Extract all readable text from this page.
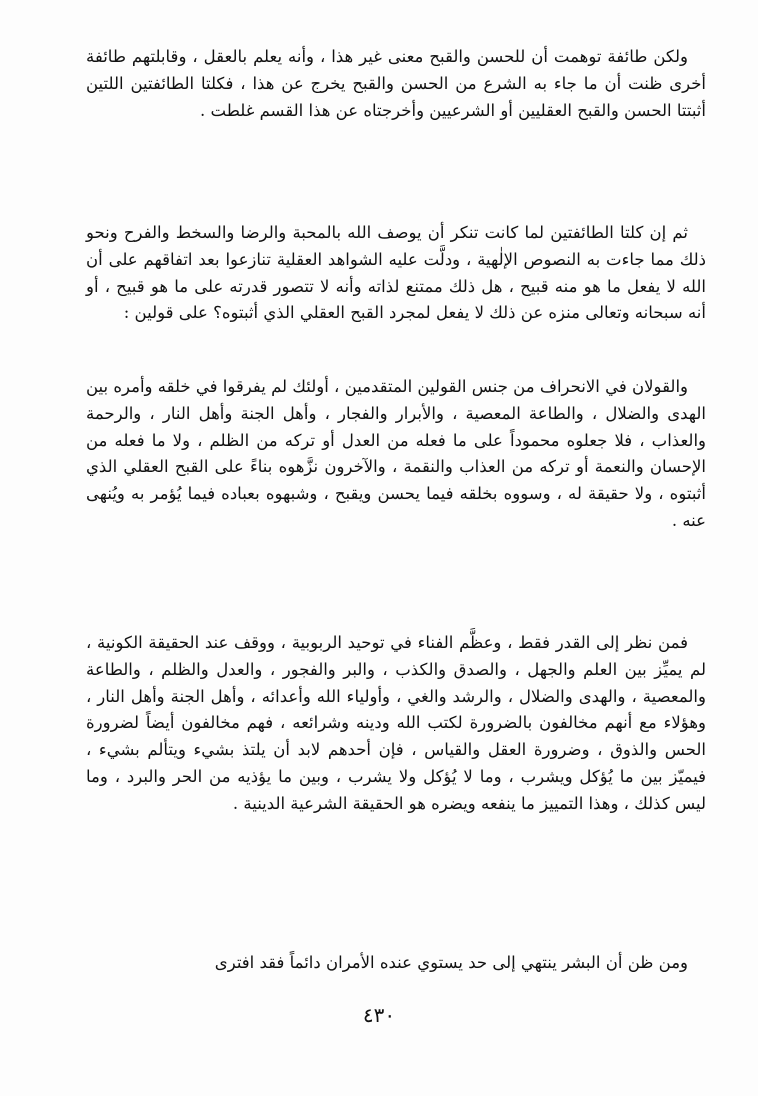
ولكن طائفة توهمت أن للحسن والقبح معنى غير هذا ، وأنه يعلم بالعقل ، وقابلتهم طائفة أخرى ظنت أن ما جاء به الشرع من الحسن والقبح يخرج عن هذا ، فكلتا الطائفتين اللتين أثبتتا الحسن والقبح العقليين أو الشرعيين وأخرجتاه عن هذا القسم غلطت .

ثم إن كلتا الطائفتين لما كانت تنكر أن يوصف الله بالمحبة والرضا والسخط والفرح ونحو ذلك مما جاءت به النصوص الإلٰهية ، ودلَّت عليه الشواهد العقلية تنازعوا بعد اتفاقهم على أن الله لا يفعل ما هو منه قبيح ، هل ذلك ممتنع لذاته وأنه لا تتصور قدرته على ما هو قبيح ، أو أنه سبحانه وتعالى منزه عن ذلك لا يفعل لمجرد القبح العقلي الذي أثبتوه؟ على قولين :

والقولان في الانحراف من جنس القولين المتقدمين ، أولئك لم يفرقوا في خلقه وأمره بين الهدى والضلال ، والطاعة المعصية ، والأبرار والفجار ، وأهل الجنة وأهل النار ، والرحمة والعذاب ، فلا جعلوه محموداً على ما فعله من العدل أو تركه من الظلم ، ولا ما فعله من الإحسان والنعمة أو تركه من العذاب والنقمة ، والآخرون نزَّهوه بناءً على القبح العقلي الذي أثبتوه ، ولا حقيقة له ، وسووه بخلقه فيما يحسن ويقبح ، وشبهوه بعباده فيما يُؤمر به ويُنهى عنه .

فمن نظر إلى القدر فقط ، وعظَّم الفناء في توحيد الربوبية ، ووقف عند الحقيقة الكونية ، لم يميِّز بين العلم والجهل ، والصدق والكذب ، والبر والفجور ، والعدل والظلم ، والطاعة والمعصية ، والهدى والضلال ، والرشد والغي ، وأولياء الله وأعدائه ، وأهل الجنة وأهل النار ، وهؤلاء مع أنهم مخالفون بالضرورة لكتب الله ودينه وشرائعه ، فهم مخالفون أيضاً لضرورة الحس والذوق ، وضرورة العقل والقياس ، فإن أحدهم لابد أن يلتذ بشيء ويتألم بشيء ، فيميّز بين ما يُؤكل ويشرب ، وما لا يُؤكل ولا يشرب ، وبين ما يؤذيه من الحر والبرد ، وما ليس كذلك ، وهذا التمييز ما ينفعه ويضره هو الحقيقة الشرعية الدينية .

ومن ظن أن البشر ينتهي إلى حد يستوي عنده الأمران دائماً فقد افترى

٤٣٠
